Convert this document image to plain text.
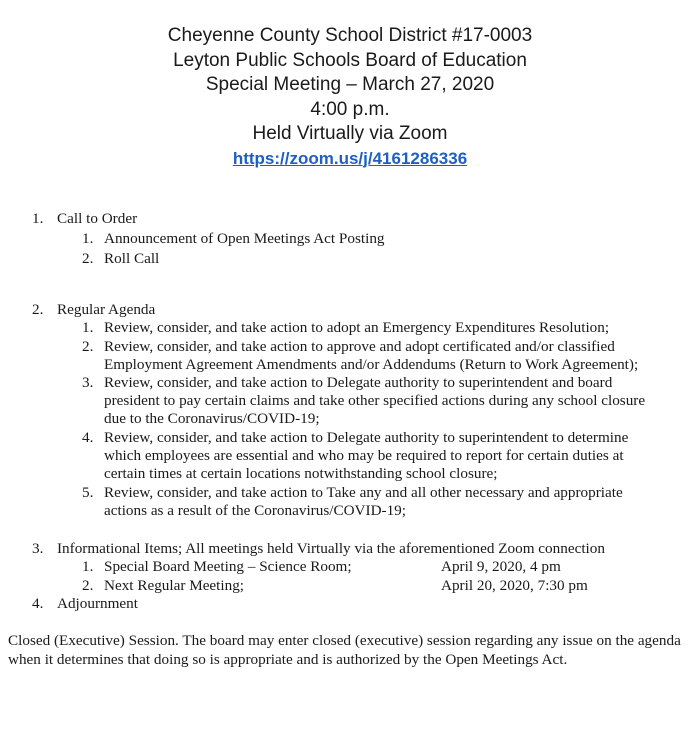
Cheyenne County School District #17-0003
Leyton Public Schools Board of Education
Special Meeting – March 27, 2020
4:00 p.m.
Held Virtually via Zoom
https://zoom.us/j/4161286336
1. Call to Order
1. Announcement of Open Meetings Act Posting
2. Roll Call
2. Regular Agenda
1. Review, consider, and take action to adopt an Emergency Expenditures Resolution;
2. Review, consider, and take action to approve and adopt certificated and/or classified
Employment Agreement Amendments and/or Addendums (Return to Work Agreement);
3. Review, consider, and take action to Delegate authority to superintendent and board
president to pay certain claims and take other specified actions during any school closure
due to the Coronavirus/COVID-19;
4. Review, consider, and take action to Delegate authority to superintendent to determine
which employees are essential and who may be required to report for certain duties at
certain times at certain locations notwithstanding school closure;
5. Review, consider, and take action to Take any and all other necessary and appropriate
actions as a result of the Coronavirus/COVID-19;
3. Informational Items; All meetings held Virtually via the aforementioned Zoom connection
1. Special Board Meeting – Science Room;	April 9, 2020, 4 pm
2. Next Regular Meeting;	April 20, 2020, 7:30 pm
4. Adjournment
Closed (Executive) Session. The board may enter closed (executive) session regarding any issue on the agenda when it determines that doing so is appropriate and is authorized by the Open Meetings Act.
